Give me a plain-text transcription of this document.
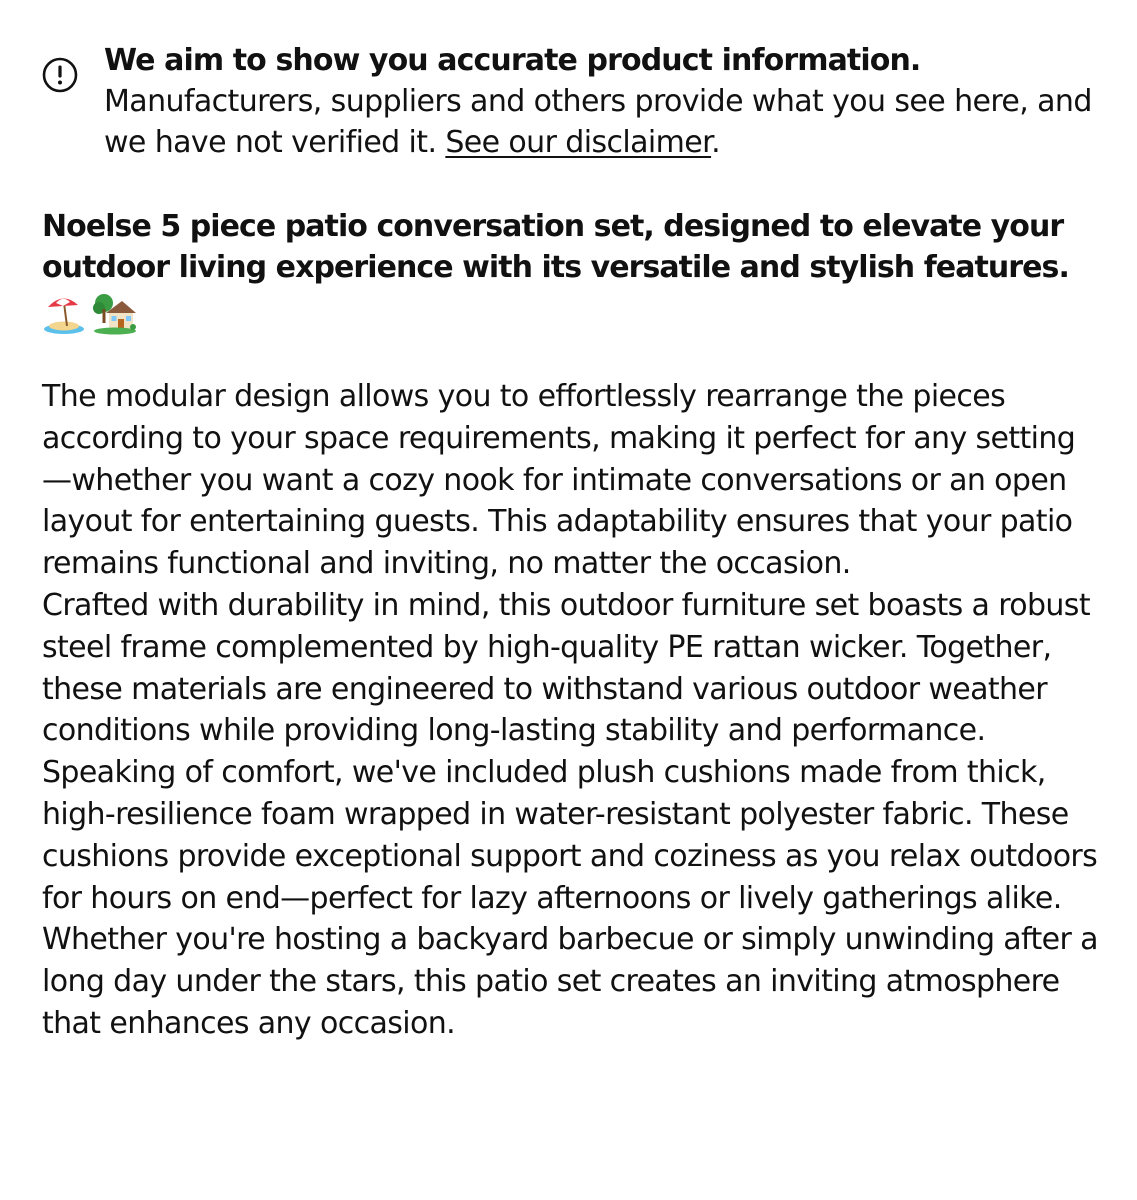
We aim to show you accurate product information.
Manufacturers, suppliers and others provide what you see here, and we have not verified it. See our disclaimer.
Noelse 5 piece patio conversation set, designed to elevate your outdoor living experience with its versatile and stylish features.

The modular design allows you to effortlessly rearrange the pieces according to your space requirements, making it perfect for any setting—whether you want a cozy nook for intimate conversations or an open layout for entertaining guests. This adaptability ensures that your patio remains functional and inviting, no matter the occasion.

Crafted with durability in mind, this outdoor furniture set boasts a robust steel frame complemented by high-quality PE rattan wicker. Together, these materials are engineered to withstand various outdoor weather conditions while providing long-lasting stability and performance.

Speaking of comfort, we've included plush cushions made from thick, high-resilience foam wrapped in water-resistant polyester fabric. These cushions provide exceptional support and coziness as you relax outdoors for hours on end—perfect for lazy afternoons or lively gatherings alike.

Whether you're hosting a backyard barbecue or simply unwinding after a long day under the stars, this patio set creates an inviting atmosphere that enhances any occasion.
